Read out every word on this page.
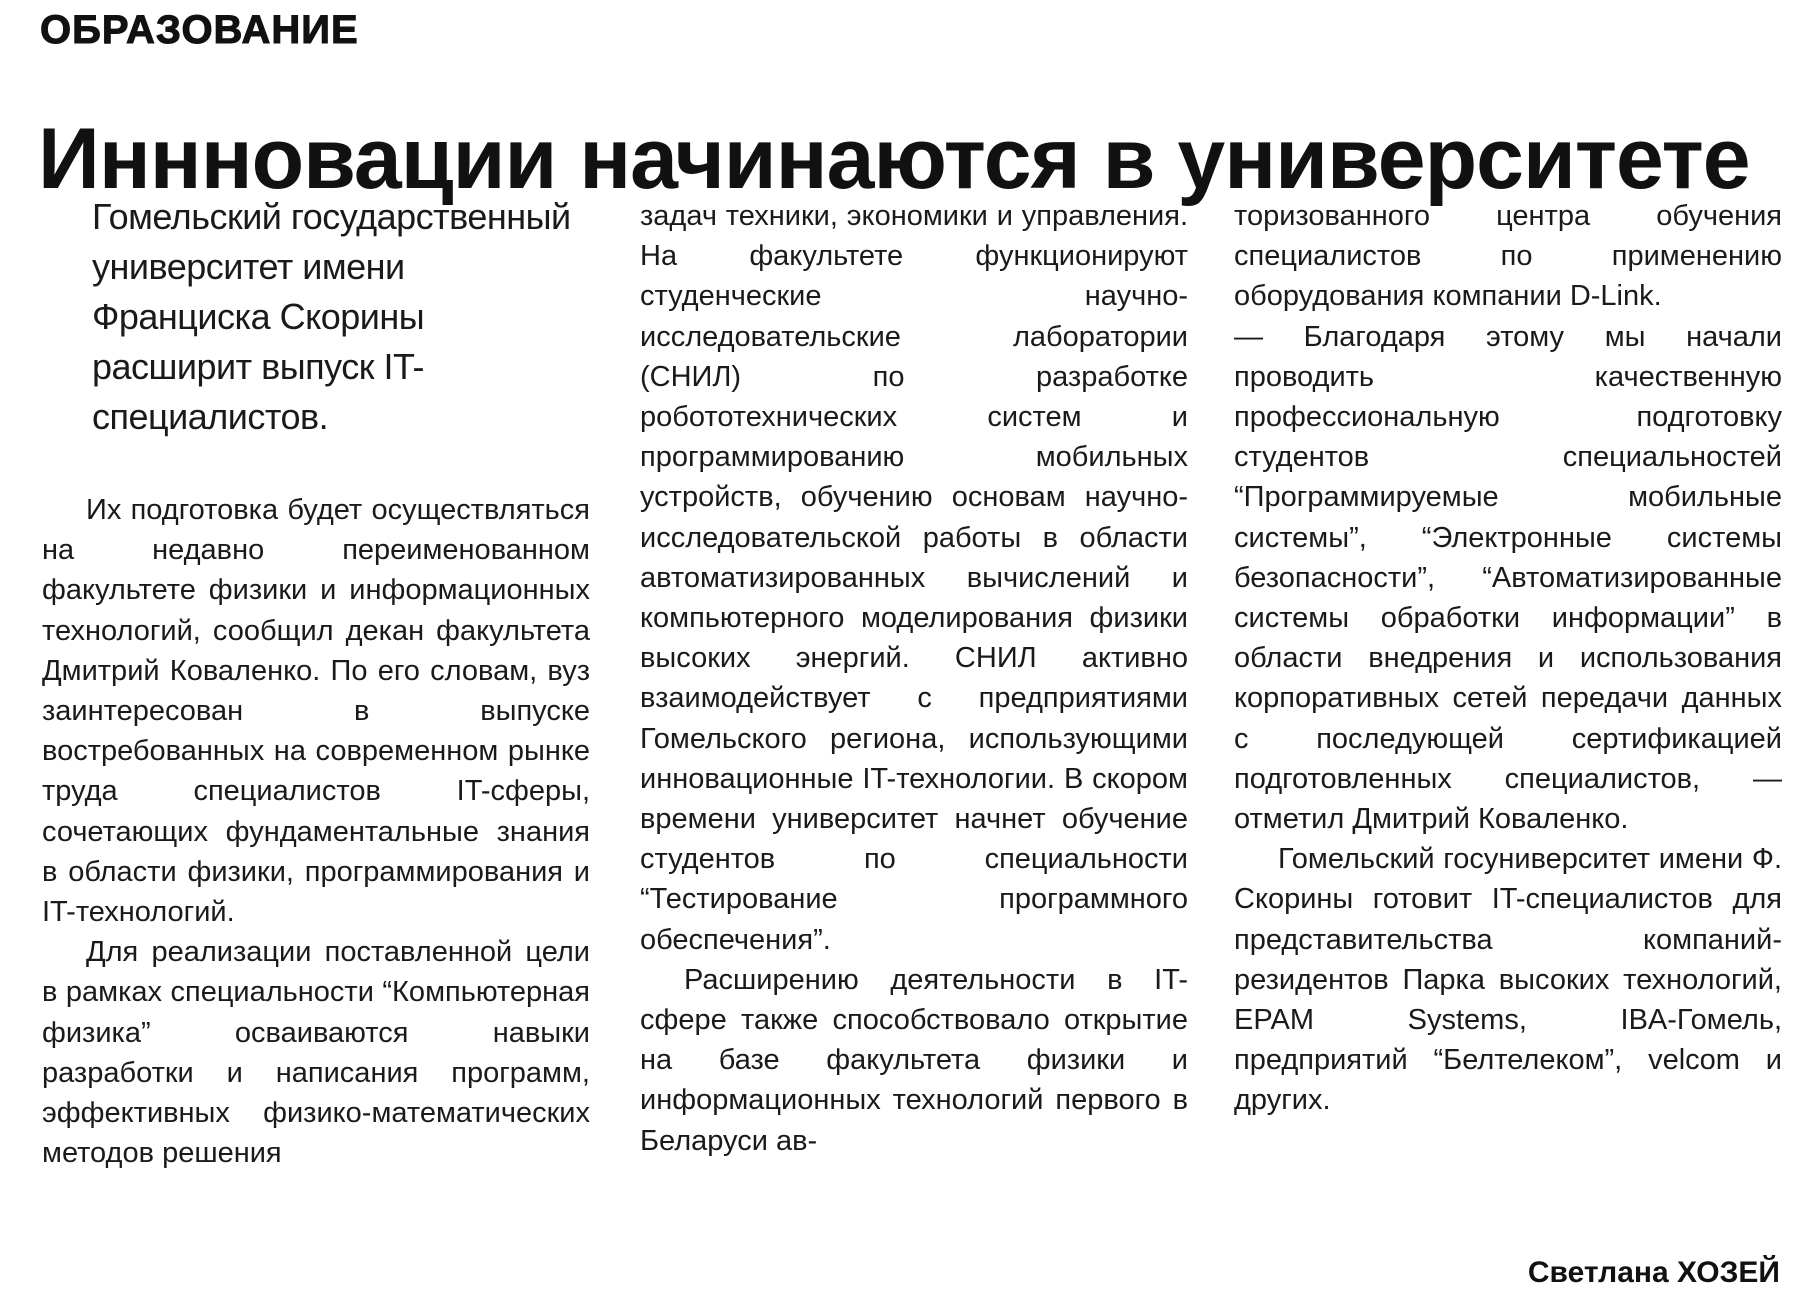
ОБРАЗОВАНИЕ
Иннновации начинаются в университете
Гомельский государственный университет имени Франциска Скорины расширит выпуск IT-специалистов.

Их подготовка будет осуществляться на недавно переименованном факультете физики и информационных технологий, сообщил декан факультета Дмитрий Коваленко. По его словам, вуз заинтересован в выпуске востребованных на современном рынке труда специалистов IT-сферы, сочетающих фундаментальные знания в области физики, программирования и IT-технологий.

Для реализации поставленной цели в рамках специальности “Компьютерная физика” осваиваются навыки разработки и написания программ, эффективных физико-математических методов решения

задач техники, экономики и управления. На факультете функционируют студенческие научно-исследовательские лаборатории (СНИЛ) по разработке робототехнических систем и программированию мобильных устройств, обучению основам научно-исследовательской работы в области автоматизированных вычислений и компьютерного моделирования физики высоких энергий. СНИЛ активно взаимодействует с предприятиями Гомельского региона, использующими инновационные IT-технологии. В скором времени университет начнет обучение студентов по специальности “Тестирование программного обеспечения”.

Расширению деятельности в IT-сфере также способствовало открытие на базе факультета физики и информационных технологий первого в Беларуси ав-

торизованного центра обучения специалистов по применению оборудования компании D-Link.

— Благодаря этому мы начали проводить качественную профессиональную подготовку студентов специальностей “Программируемые мобильные системы”, “Электронные системы безопасности”, “Автоматизированные системы обработки информации” в области внедрения и использования корпоративных сетей передачи данных с последующей сертификацией подготовленных специалистов, — отметил Дмитрий Коваленко.

Гомельский госуниверситет имени Ф. Скорины готовит IT-специалистов для представительства компаний-резидентов Парка высоких технологий, EPAM Systems, IBA-Гомель, предприятий “Белтелеком”, velcom и других.

Светлана ХОЗЕЙ
